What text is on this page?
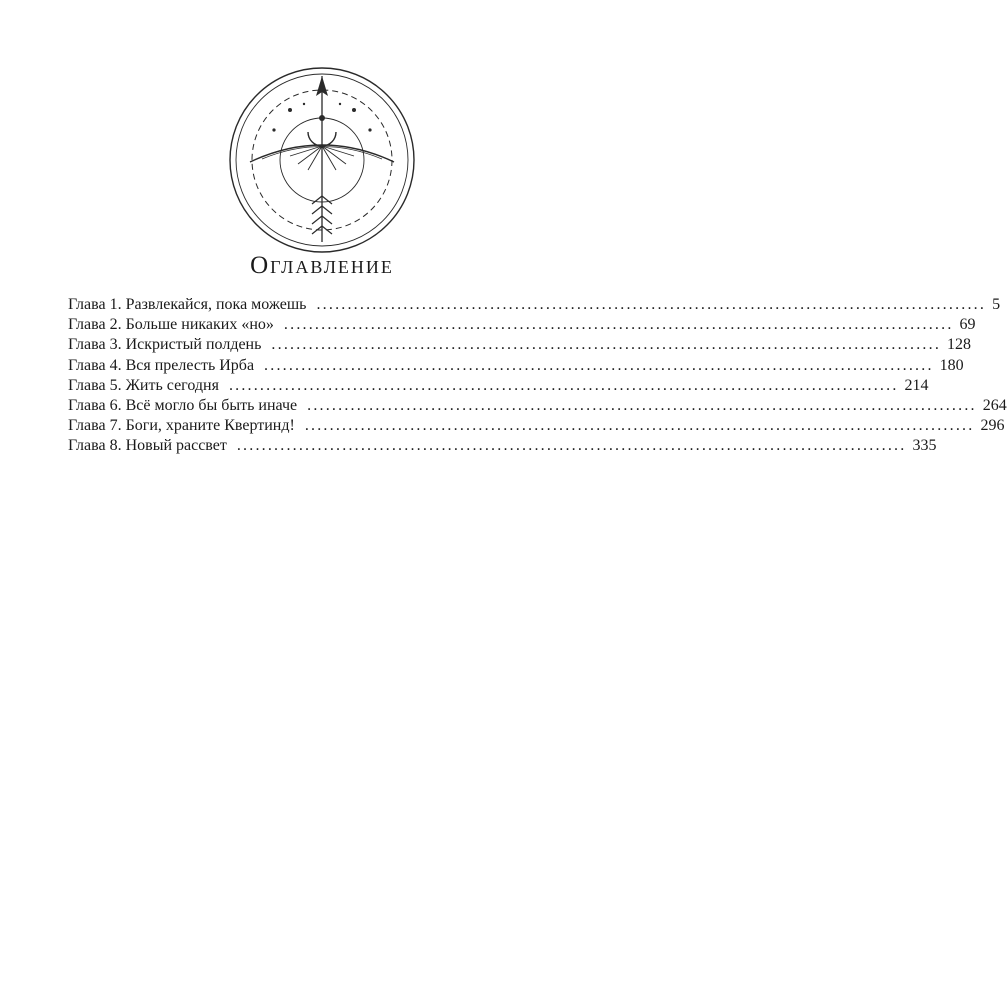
Оглавление
Глава 1. Развлекайся, пока можешь ............................................................................................................ 5
Глава 2. Больше никаких «но» ............................................................................................................ 69
Глава 3. Искристый полдень ............................................................................................................ 128
Глава 4. Вся прелесть Ирба ............................................................................................................ 180
Глава 5. Жить сегодня ............................................................................................................ 214
Глава 6. Всё могло бы быть иначе ............................................................................................................ 264
Глава 7. Боги, храните Квертинд! ............................................................................................................ 296
Глава 8. Новый рассвет ............................................................................................................ 335
